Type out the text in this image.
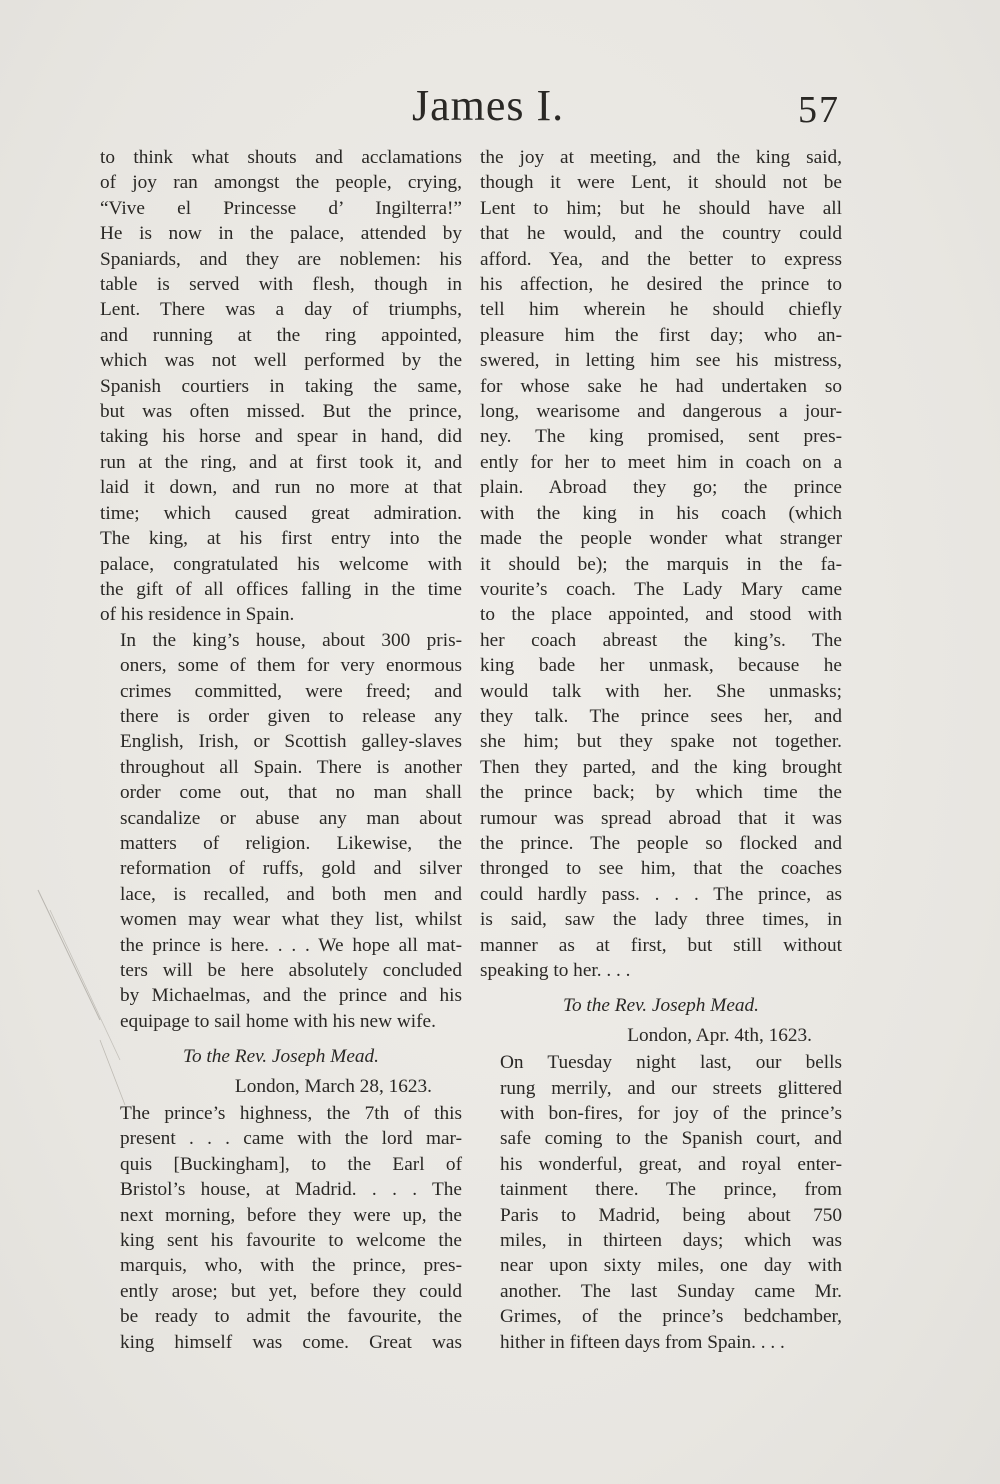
James I.	57

to think what shouts and acclamations
of joy ran amongst the people, crying,
“Vive el Princesse d’ Ingilterra!”
He is now in the palace, attended by
Spaniards, and they are noblemen: his
table is served with flesh, though in
Lent. There was a day of triumphs,
and running at the ring appointed,
which was not well performed by the
Spanish courtiers in taking the same,
but was often missed. But the prince,
taking his horse and spear in hand, did
run at the ring, and at first took it, and
laid it down, and run no more at that
time; which caused great admiration.
The king, at his first entry into the
palace, congratulated his welcome with
the gift of all offices falling in the time
of his residence in Spain.

In the king’s house, about 300 pris-
oners, some of them for very enormous
crimes committed, were freed; and
there is order given to release any
English, Irish, or Scottish galley-slaves
throughout all Spain. There is another
order come out, that no man shall
scandalize or abuse any man about
matters of religion. Likewise, the
reformation of ruffs, gold and silver
lace, is recalled, and both men and
women may wear what they list, whilst
the prince is here. . . . We hope all mat-
ters will be here absolutely concluded
by Michaelmas, and the prince and his
equipage to sail home with his new wife.

To the Rev. Joseph Mead.
London, March 28, 1623.

The prince’s highness, the 7th of this
present . . . came with the lord mar-
quis [Buckingham], to the Earl of
Bristol’s house, at Madrid. . . . The
next morning, before they were up, the
king sent his favourite to welcome the
marquis, who, with the prince, pres-
ently arose; but yet, before they could
be ready to admit the favourite, the
king himself was come. Great was

the joy at meeting, and the king said,
though it were Lent, it should not be
Lent to him; but he should have all
that he would, and the country could
afford. Yea, and the better to express
his affection, he desired the prince to
tell him wherein he should chiefly
pleasure him the first day; who an-
swered, in letting him see his mistress,
for whose sake he had undertaken so
long, wearisome and dangerous a jour-
ney. The king promised, sent pres-
ently for her to meet him in coach on a
plain. Abroad they go; the prince
with the king in his coach (which
made the people wonder what stranger
it should be); the marquis in the fa-
vourite’s coach. The Lady Mary came
to the place appointed, and stood with
her coach abreast the king’s. The
king bade her unmask, because he
would talk with her. She unmasks;
they talk. The prince sees her, and
she him; but they spake not together.
Then they parted, and the king brought
the prince back; by which time the
rumour was spread abroad that it was
the prince. The people so flocked and
thronged to see him, that the coaches
could hardly pass. . . . The prince, as
is said, saw the lady three times, in
manner as at first, but still without
speaking to her. . . .

To the Rev. Joseph Mead.
London, Apr. 4th, 1623.

On Tuesday night last, our bells
rung merrily, and our streets glittered
with bon-fires, for joy of the prince’s
safe coming to the Spanish court, and
his wonderful, great, and royal enter-
tainment there. The prince, from
Paris to Madrid, being about 750
miles, in thirteen days; which was
near upon sixty miles, one day with
another. The last Sunday came Mr.
Grimes, of the prince’s bedchamber,
hither in fifteen days from Spain. . . .
